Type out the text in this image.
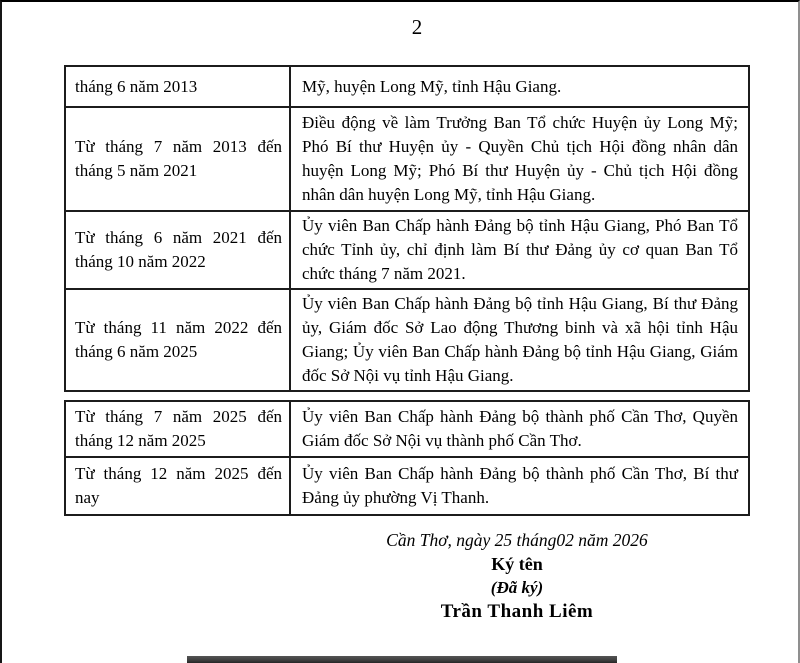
2
tháng 6 năm 2013	Mỹ, huyện Long Mỹ, tỉnh Hậu Giang.
Từ tháng 7 năm 2013 đến tháng 5 năm 2021	Điều động về làm Trưởng Ban Tổ chức Huyện ủy Long Mỹ; Phó Bí thư Huyện ủy - Quyền Chủ tịch Hội đồng nhân dân huyện Long Mỹ; Phó Bí thư Huyện ủy - Chủ tịch Hội đồng nhân dân huyện Long Mỹ, tỉnh Hậu Giang.
Từ tháng 6 năm 2021 đến tháng 10 năm 2022	Ủy viên Ban Chấp hành Đảng bộ tỉnh Hậu Giang, Phó Ban Tổ chức Tỉnh ủy, chỉ định làm Bí thư Đảng ủy cơ quan Ban Tổ chức tháng 7 năm 2021.
Từ tháng 11 năm 2022 đến tháng 6 năm 2025	Ủy viên Ban Chấp hành Đảng bộ tỉnh Hậu Giang, Bí thư Đảng ủy, Giám đốc Sở Lao động Thương binh và xã hội tỉnh Hậu Giang; Ủy viên Ban Chấp hành Đảng bộ tỉnh Hậu Giang, Giám đốc Sở Nội vụ tỉnh Hậu Giang.
Từ tháng 7 năm 2025 đến tháng 12 năm 2025	Ủy viên Ban Chấp hành Đảng bộ thành phố Cần Thơ, Quyền Giám đốc Sở Nội vụ thành phố Cần Thơ.
Từ tháng 12 năm 2025 đến nay	Ủy viên Ban Chấp hành Đảng bộ thành phố Cần Thơ, Bí thư Đảng ủy phường Vị Thanh.
Cần Thơ, ngày 25 tháng02 năm 2026
Ký tên
(Đã ký)
Trần Thanh Liêm
